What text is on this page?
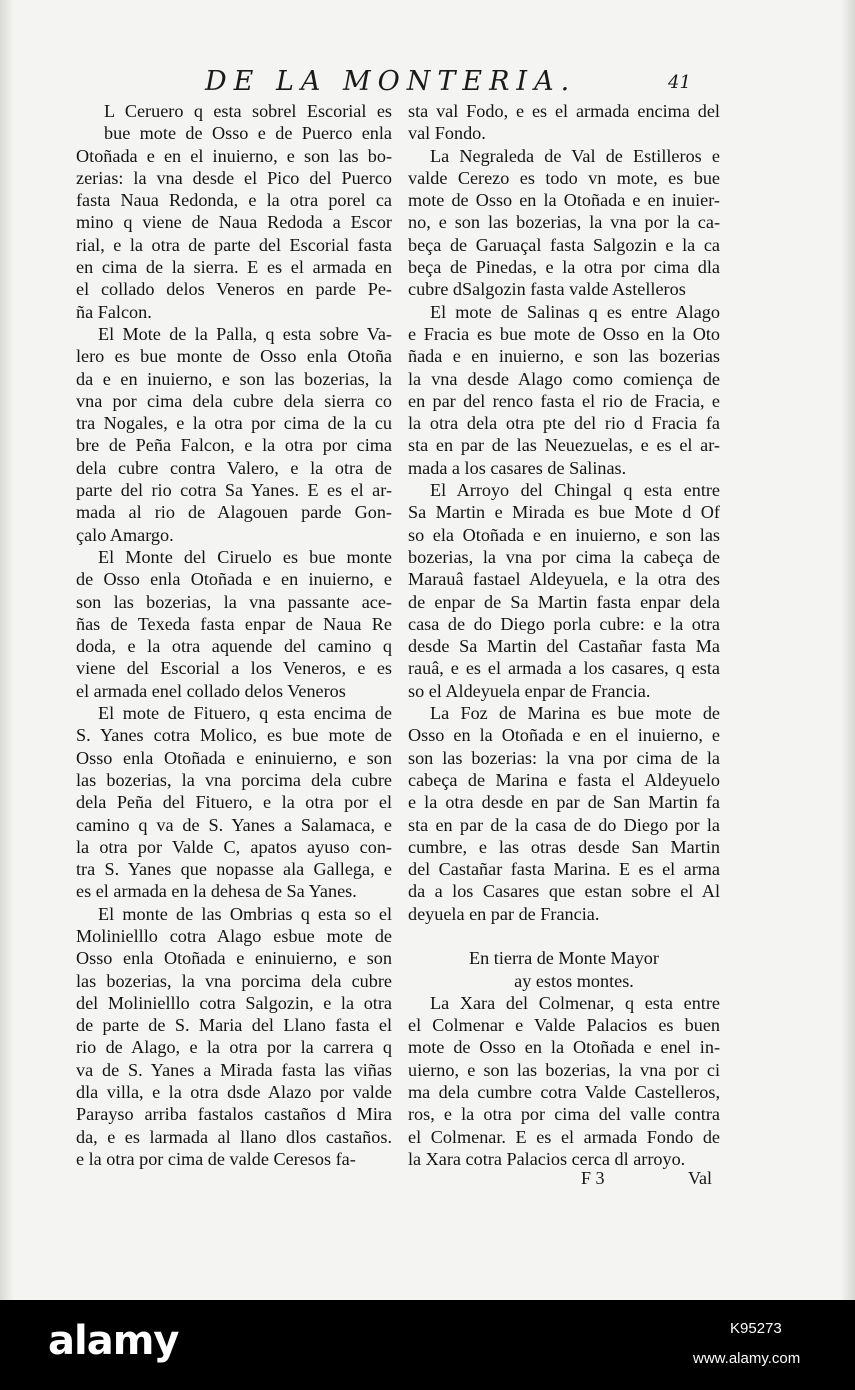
DE LA MONTERIA.	41
L Ceruero q esta sobrel Escorial es
bue mote de Osso e de Puerco enla
Otoñada e en el inuierno, e son las bo-
zerias: la vna desde el Pico del Puerco
fasta Naua Redonda, e la otra porel ca
mino q viene de Naua Redoda a Escor
rial, e la otra de parte del Escorial fasta
en cima de la sierra. E es el armada en
el collado delos Veneros en parde Pe-
ña Falcon.
El Mote de la Palla, q esta sobre Va-
lero es bue monte de Osso enla Otoña
da e en inuierno, e son las bozerias, la
vna por cima dela cubre dela sierra co
tra Nogales, e la otra por cima de la cu
bre de Peña Falcon, e la otra por cima
dela cubre contra Valero, e la otra de
parte del rio cotra Sa Yanes. E es el ar-
mada al rio de Alagouen parde Gon-
çalo Amargo.
El Monte del Ciruelo es bue monte
de Osso enla Otoñada e en inuierno, e
son las bozerias, la vna passante ace-
ñas de Texeda fasta enpar de Naua Re
doda, e la otra aquende del camino q
viene del Escorial a los Veneros, e es
el armada enel collado delos Veneros
El mote de Fituero, q esta encima de
S. Yanes cotra Molico, es bue mote de
Osso enla Otoñada e eninuierno, e son
las bozerias, la vna porcima dela cubre
dela Peña del Fituero, e la otra por el
camino q va de S. Yanes a Salamaca, e
la otra por Valde C, apatos ayuso con-
tra S. Yanes que nopasse ala Gallega, e
es el armada en la dehesa de Sa Yanes.
El monte de las Ombrias q esta so el
Molinielllo cotra Alago esbue mote de
Osso enla Otoñada e eninuierno, e son
las bozerias, la vna porcima dela cubre
del Molinielllo cotra Salgozin, e la otra
de parte de S. Maria del Llano fasta el
rio de Alago, e la otra por la carrera q
va de S. Yanes a Mirada fasta las viñas
dla villa, e la otra dsde Alazo por valde
Parayso arriba fastalos castaños d Mira
da, e es larmada al llano dlos castaños.
e la otra por cima de valde Ceresos fa-
sta val Fodo, e es el armada encima del
val Fondo.
La Negraleda de Val de Estilleros e
valde Cerezo es todo vn mote, es bue
mote de Osso en la Otoñada e en inuier-
no, e son las bozerias, la vna por la ca-
beça de Garuaçal fasta Salgozin e la ca
beça de Pinedas, e la otra por cima dla
cubre dSalgozin fasta valde Astelleros
El mote de Salinas q es entre Alago
e Fracia es bue mote de Osso en la Oto
ñada e en inuierno, e son las bozerias
la vna desde Alago como comiença de
en par del renco fasta el rio de Fracia, e
la otra dela otra pte del rio d Fracia fa
sta en par de las Neuezuelas, e es el ar-
mada a los casares de Salinas.
El Arroyo del Chingal q esta entre
Sa Martin e Mirada es bue Mote d Of
so ela Otoñada e en inuierno, e son las
bozerias, la vna por cima la cabeça de
Marauâ fastael Aldeyuela, e la otra des
de enpar de Sa Martin fasta enpar dela
casa de do Diego porla cubre: e la otra
desde Sa Martin del Castañar fasta Ma
rauâ, e es el armada a los casares, q esta
so el Aldeyuela enpar de Francia.
La Foz de Marina es bue mote de
Osso en la Otoñada e en el inuierno, e
son las bozerias: la vna por cima de la
cabeça de Marina e fasta el Aldeyuelo
e la otra desde en par de San Martin fa
sta en par de la casa de do Diego por la
cumbre, e las otras desde San Martin
del Castañar fasta Marina. E es el arma
da a los Casares que estan sobre el Al
deyuela en par de Francia.
En tierra de Monte Mayor
ay estos montes.
La Xara del Colmenar, q esta entre
el Colmenar e Valde Palacios es buen
mote de Osso en la Otoñada e enel in-
uierno, e son las bozerias, la vna por ci
ma dela cumbre cotra Valde Castelleros,
ros, e la otra por cima del valle contra
el Colmenar. E es el armada Fondo de
la Xara cotra Palacios cerca dl arroyo.
F 3	Val
alamy	K95273
www.alamy.com
